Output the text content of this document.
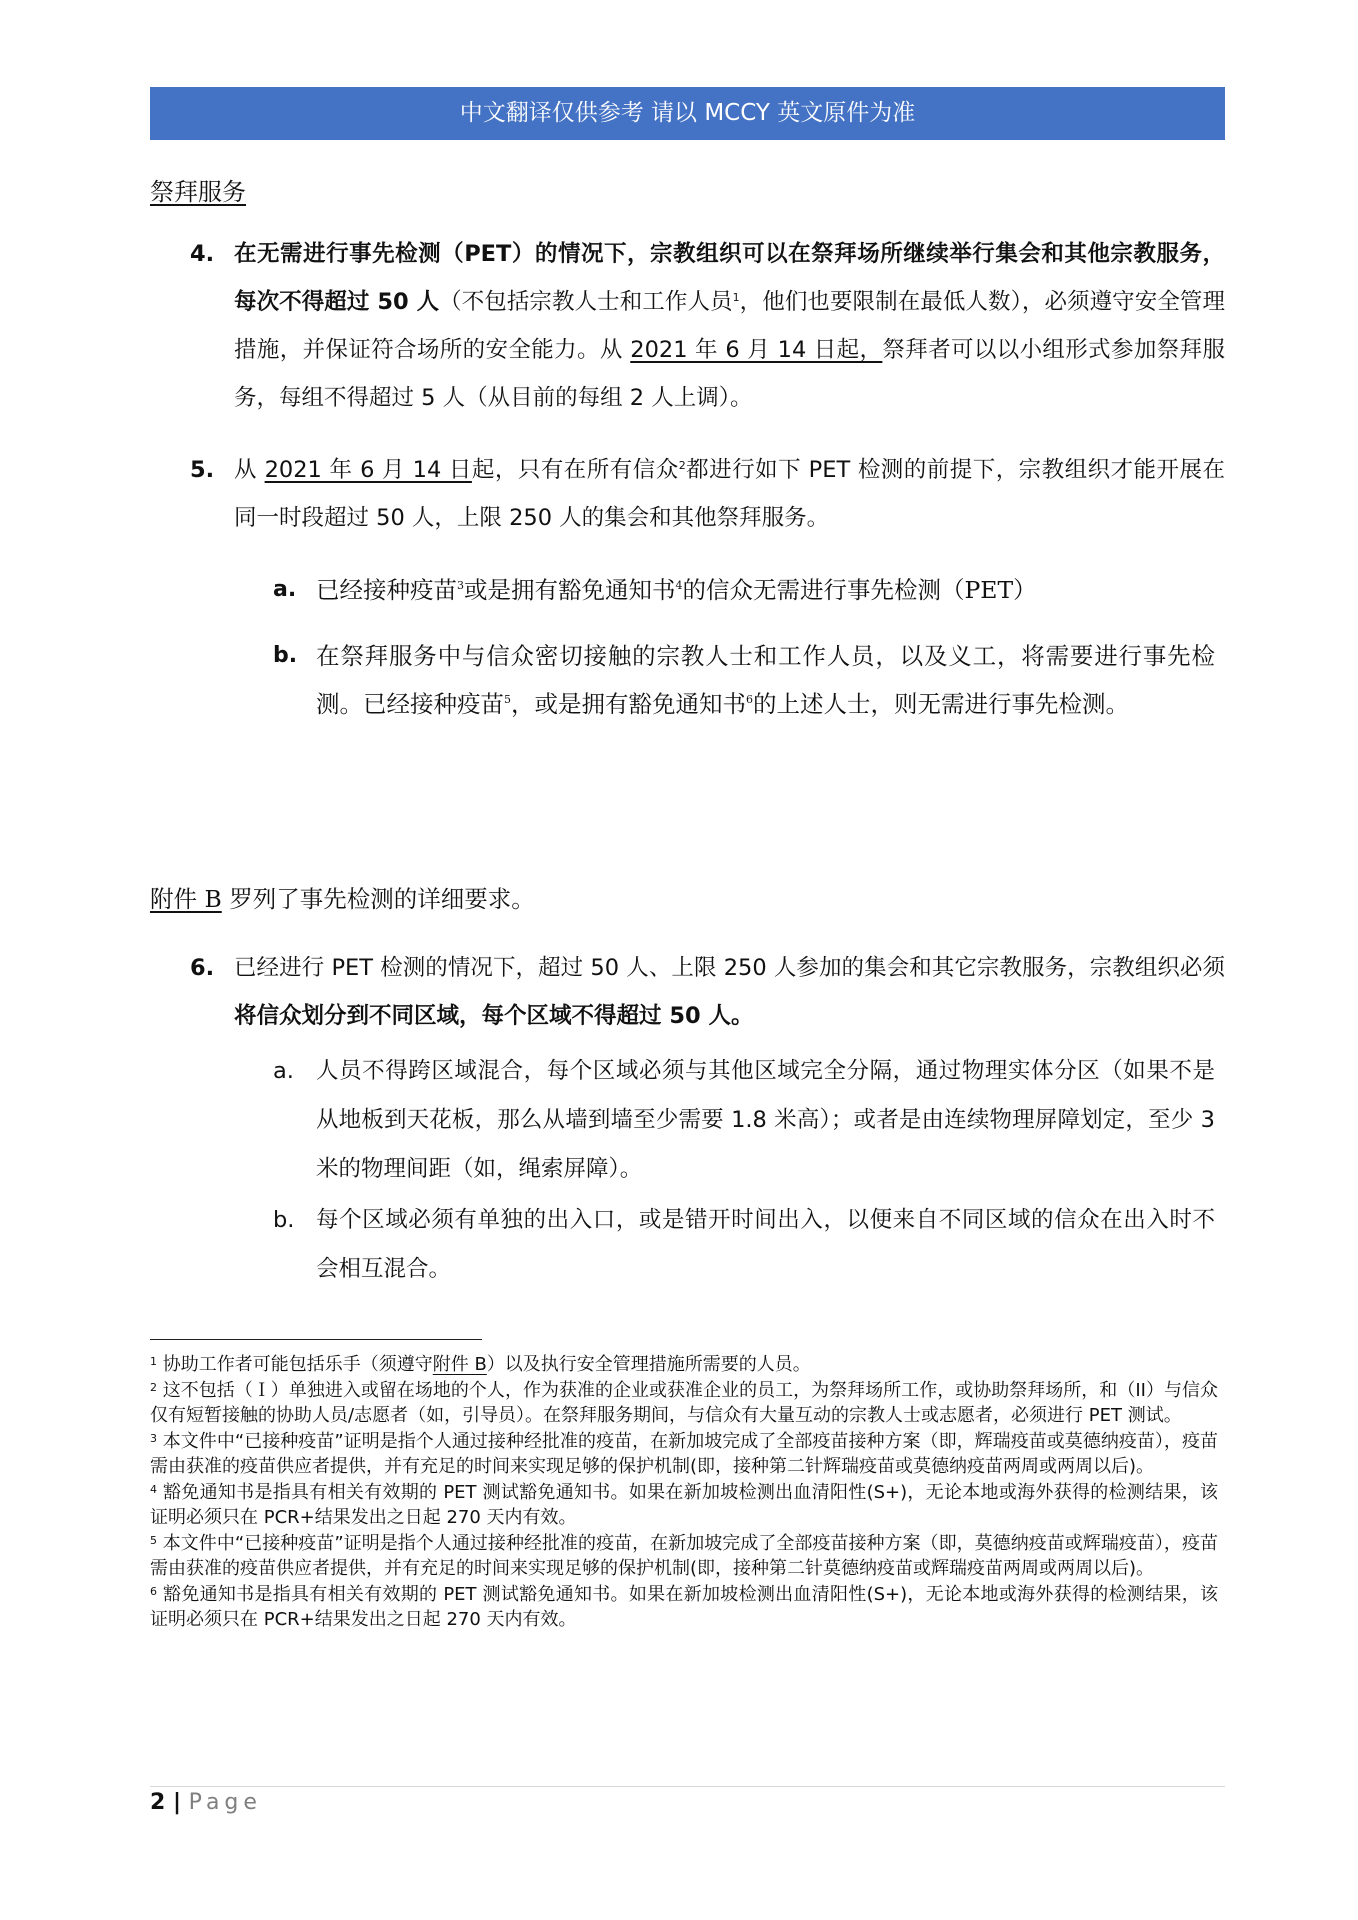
中文翻译仅供参考 请以 MCCY 英文原件为准
祭拜服务
4. 在无需进行事先检测（PET）的情况下，宗教组织可以在祭拜场所继续举行集会和其他宗教服务，每次不得超过 50 人（不包括宗教人士和工作人员$^1$，他们也要限制在最低人数），必须遵守安全管理措施，并保证符合场所的安全能力。从 2021 年 6 月 14 日起，祭拜者可以以小组形式参加祭拜服务，每组不得超过 5 人（从目前的每组 2 人上调）。
5. 从 2021 年 6 月 14 日起，只有在所有信众$^2$都进行如下 PET 检测的前提下，宗教组织才能开展在同一时段超过 50 人，上限 250 人的集会和其他祭拜服务。
a. 已经接种疫苗$^3$或是拥有豁免通知书$^4$的信众无需进行事先检测（PET）
b. 在祭拜服务中与信众密切接触的宗教人士和工作人员，以及义工，将需要进行事先检测。已经接种疫苗$^5$，或是拥有豁免通知书$^6$的上述人士，则无需进行事先检测。
附件 B 罗列了事先检测的详细要求。
6. 已经进行 PET 检测的情况下，超过 50 人、上限 250 人参加的集会和其它宗教服务，宗教组织必须将信众划分到不同区域，每个区域不得超过 50 人。
a. 人员不得跨区域混合，每个区域必须与其他区域完全分隔，通过物理实体分区（如果不是从地板到天花板，那么从墙到墙至少需要 1.8 米高）；或者是由连续物理屏障划定，至少 3 米的物理间距（如，绳索屏障）。
b. 每个区域必须有单独的出入口，或是错开时间出入，以便来自不同区域的信众在出入时不会相互混合。
$^1$ 协助工作者可能包括乐手（须遵守附件 B）以及执行安全管理措施所需要的人员。
$^2$ 这不包括（Ｉ）单独进入或留在场地的个人，作为获准的企业或获准企业的员工，为祭拜场所工作，或协助祭拜场所，和（II）与信众仅有短暂接触的协助人员/志愿者（如，引导员）。在祭拜服务期间，与信众有大量互动的宗教人士或志愿者，必须进行 PET 测试。
$^3$ 本文件中“已接种疫苗”证明是指个人通过接种经批准的疫苗，在新加坡完成了全部疫苗接种方案（即，辉瑞疫苗或莫德纳疫苗），疫苗需由获准的疫苗供应者提供，并有充足的时间来实现足够的保护机制(即，接种第二针辉瑞疫苗或莫德纳疫苗两周或两周以后)。
$^4$ 豁免通知书是指具有相关有效期的 PET 测试豁免通知书。如果在新加坡检测出血清阳性(S+)，无论本地或海外获得的检测结果，该证明必须只在 PCR+结果发出之日起 270 天内有效。
$^5$ 本文件中“已接种疫苗”证明是指个人通过接种经批准的疫苗，在新加坡完成了全部疫苗接种方案（即，莫德纳疫苗或辉瑞疫苗），疫苗需由获准的疫苗供应者提供，并有充足的时间来实现足够的保护机制(即，接种第二针莫德纳疫苗或辉瑞疫苗两周或两周以后)。
$^6$ 豁免通知书是指具有相关有效期的 PET 测试豁免通知书。如果在新加坡检测出血清阳性(S+)，无论本地或海外获得的检测结果，该证明必须只在 PCR+结果发出之日起 270 天内有效。
2 | Page
